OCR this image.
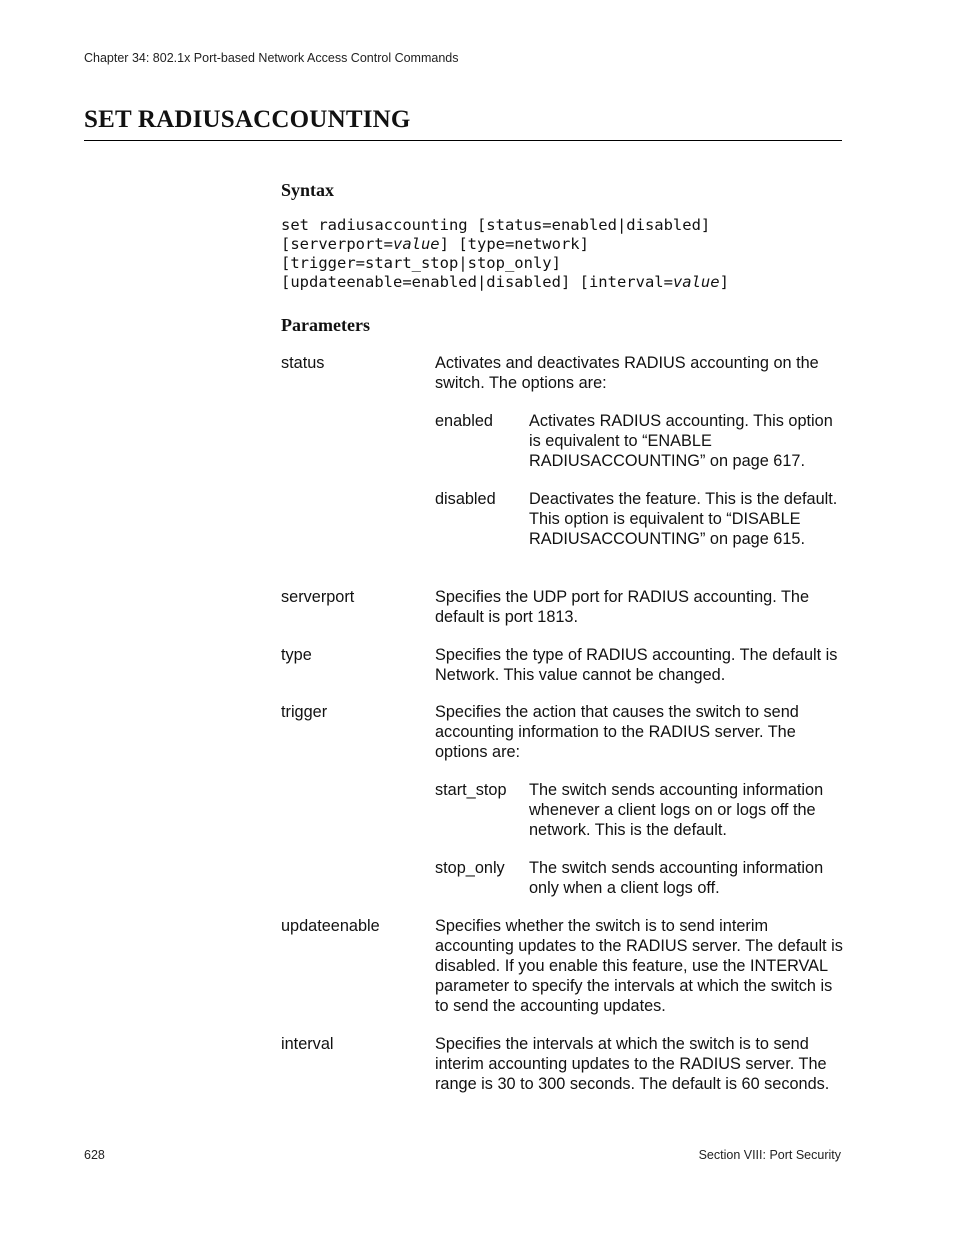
Chapter 34: 802.1x Port-based Network Access Control Commands
SET RADIUSACCOUNTING
Syntax
set radiusaccounting [status=enabled|disabled]
[serverport=value] [type=network]
[trigger=start_stop|stop_only]
[updateenable=enabled|disabled] [interval=value]
Parameters
status	Activates and deactivates RADIUS accounting on the switch. The options are:
enabled Activates RADIUS accounting. This option is equivalent to “ENABLE RADIUSACCOUNTING” on page 617.
disabled Deactivates the feature. This is the default. This option is equivalent to “DISABLE RADIUSACCOUNTING” on page 615.
serverport	Specifies the UDP port for RADIUS accounting. The default is port 1813.
type	Specifies the type of RADIUS accounting. The default is Network. This value cannot be changed.
trigger	Specifies the action that causes the switch to send accounting information to the RADIUS server. The options are:
start_stop The switch sends accounting information whenever a client logs on or logs off the network. This is the default.
stop_only The switch sends accounting information only when a client logs off.
updateenable	Specifies whether the switch is to send interim accounting updates to the RADIUS server. The default is disabled. If you enable this feature, use the INTERVAL parameter to specify the intervals at which the switch is to send the accounting updates.
interval	Specifies the intervals at which the switch is to send interim accounting updates to the RADIUS server. The range is 30 to 300 seconds. The default is 60 seconds.
628	Section VIII: Port Security
